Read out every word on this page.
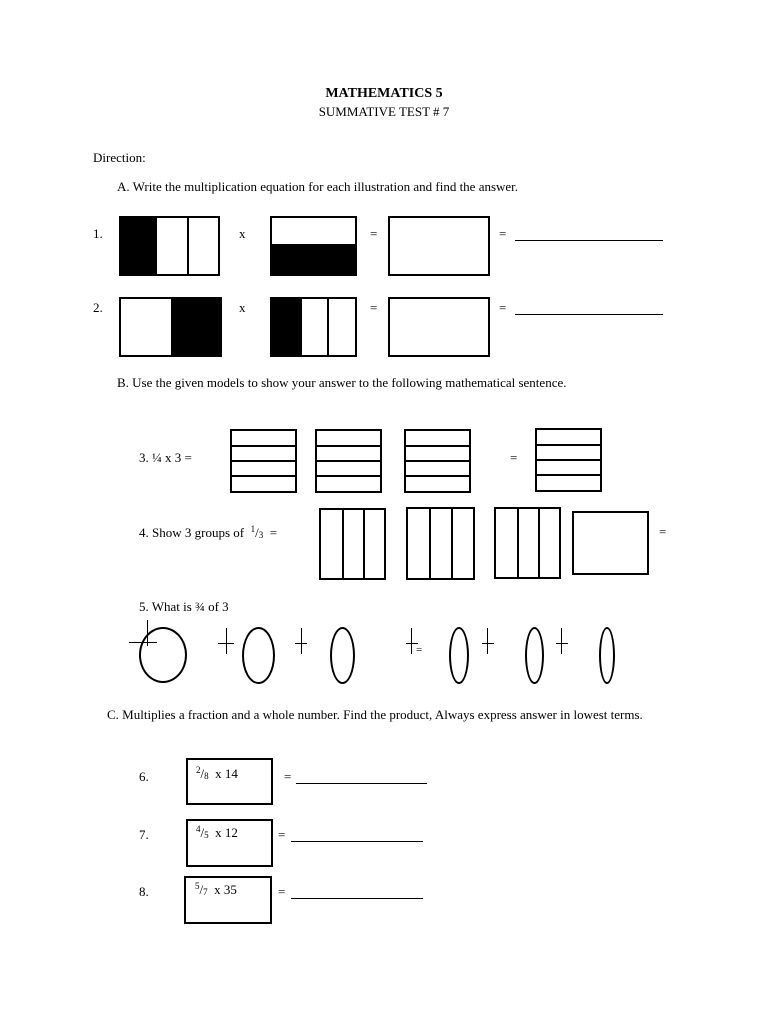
MATHEMATICS 5
SUMMATIVE TEST # 7
Direction:
A. Write the multiplication equation for each illustration and find the answer.
1.	x	=	=
2.	x	=	=
B. Use the given models to show your answer to the following mathematical sentence.
3. ¼ x 3 =	=
4. Show 3 groups of $^1/_3$ =	=
5. What is ¾ of 3
=
C. Multiplies a fraction and a whole number. Find the product, Always express answer in lowest terms.
6.	$^2/_8$ x 14	=
7.	$^4/_5$ x 12	=
8.	$^5/_7$ x 35	=
